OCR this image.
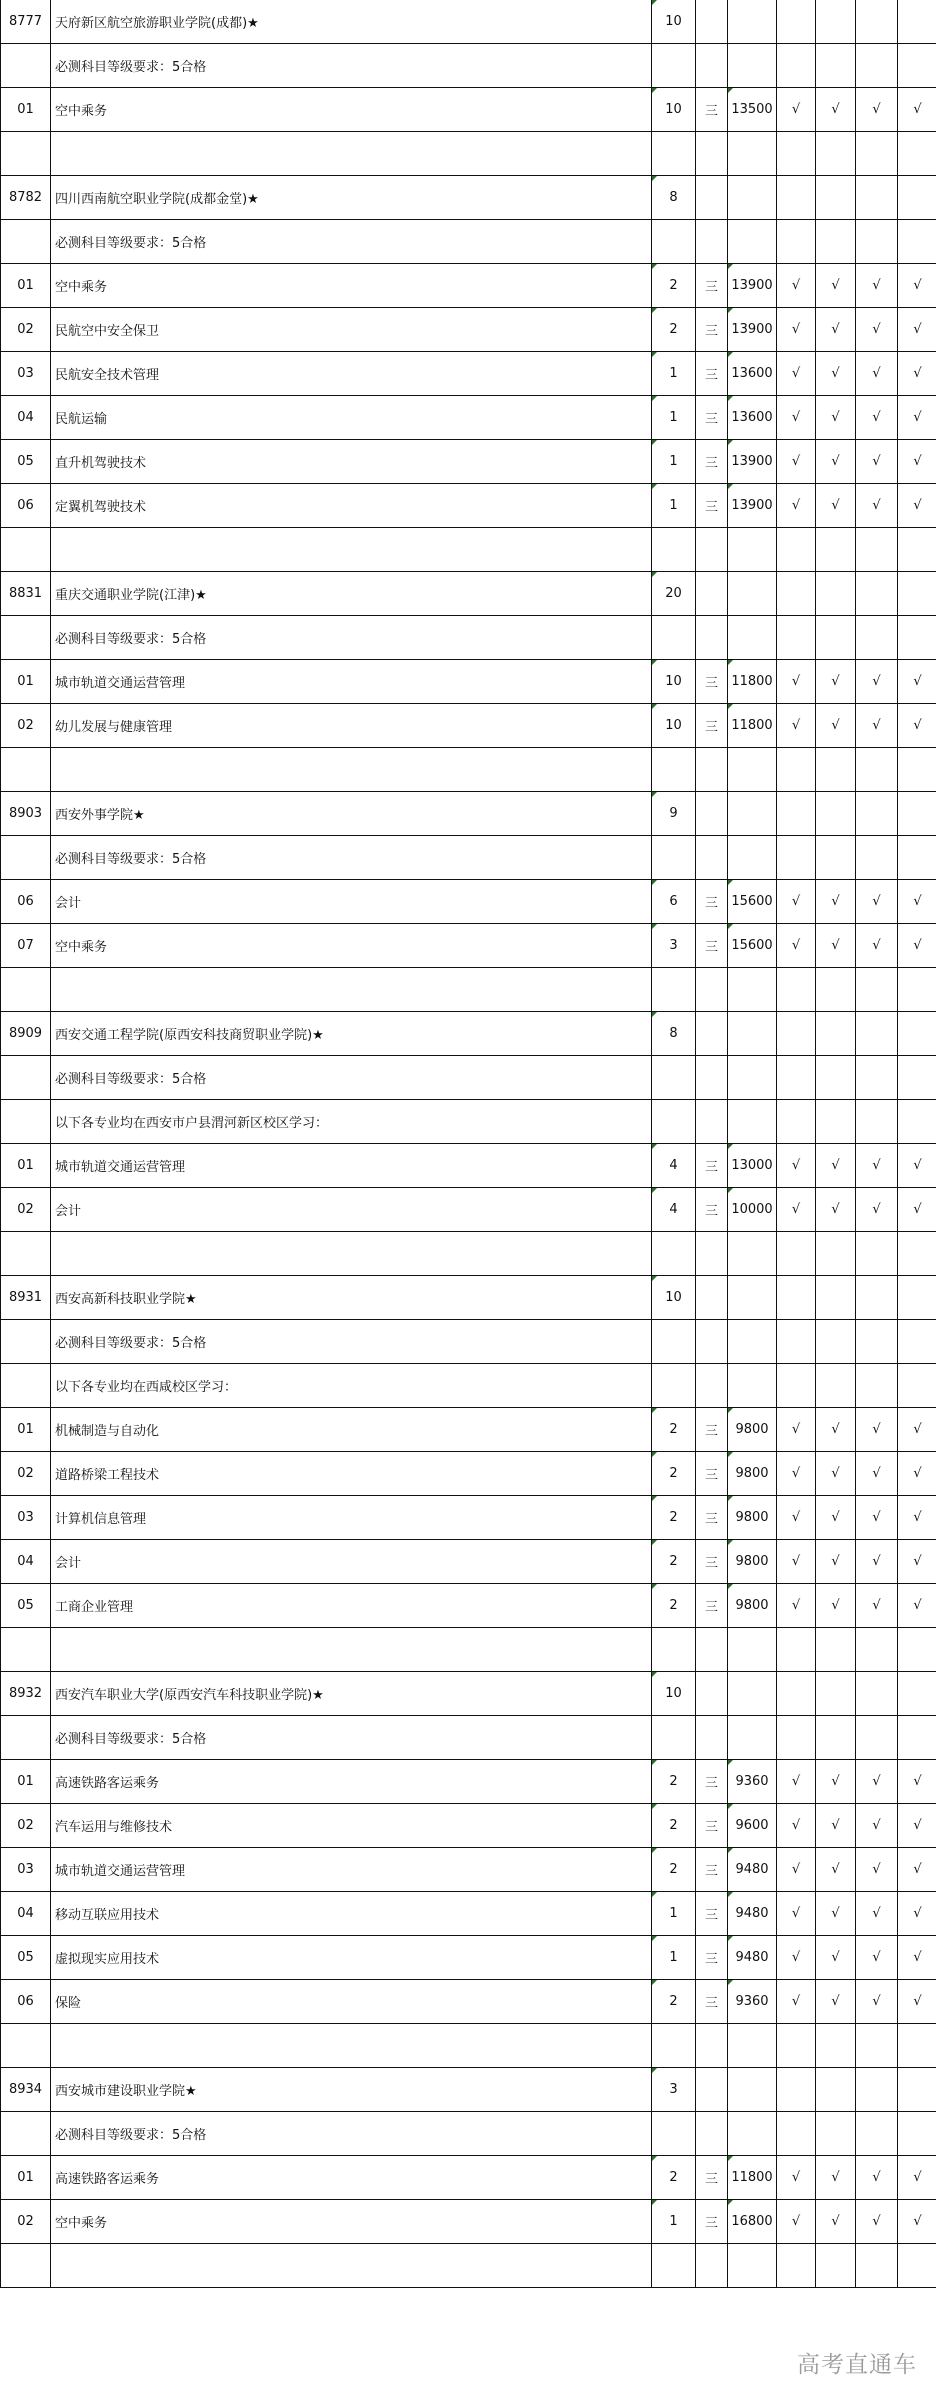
8777	天府新区航空旅游职业学院(成都)★	10						
	必测科目等级要求：5合格							
01	空中乘务	10	三	13500	√	√	√	√

8782	四川西南航空职业学院(成都金堂)★	8						
	必测科目等级要求：5合格							
01	空中乘务	2	三	13900	√	√	√	√
02	民航空中安全保卫	2	三	13900	√	√	√	√
03	民航安全技术管理	1	三	13600	√	√	√	√
04	民航运输	1	三	13600	√	√	√	√
05	直升机驾驶技术	1	三	13900	√	√	√	√
06	定翼机驾驶技术	1	三	13900	√	√	√	√

8831	重庆交通职业学院(江津)★	20						
	必测科目等级要求：5合格							
01	城市轨道交通运营管理	10	三	11800	√	√	√	√
02	幼儿发展与健康管理	10	三	11800	√	√	√	√

8903	西安外事学院★	9						
	必测科目等级要求：5合格							
06	会计	6	三	15600	√	√	√	√
07	空中乘务	3	三	15600	√	√	√	√

8909	西安交通工程学院(原西安科技商贸职业学院)★	8						
	必测科目等级要求：5合格							
	以下各专业均在西安市户县渭河新区校区学习：							
01	城市轨道交通运营管理	4	三	13000	√	√	√	√
02	会计	4	三	10000	√	√	√	√

8931	西安高新科技职业学院★	10						
	必测科目等级要求：5合格							
	以下各专业均在西咸校区学习：							
01	机械制造与自动化	2	三	9800	√	√	√	√
02	道路桥梁工程技术	2	三	9800	√	√	√	√
03	计算机信息管理	2	三	9800	√	√	√	√
04	会计	2	三	9800	√	√	√	√
05	工商企业管理	2	三	9800	√	√	√	√

8932	西安汽车职业大学(原西安汽车科技职业学院)★	10						
	必测科目等级要求：5合格							
01	高速铁路客运乘务	2	三	9360	√	√	√	√
02	汽车运用与维修技术	2	三	9600	√	√	√	√
03	城市轨道交通运营管理	2	三	9480	√	√	√	√
04	移动互联应用技术	1	三	9480	√	√	√	√
05	虚拟现实应用技术	1	三	9480	√	√	√	√
06	保险	2	三	9360	√	√	√	√

8934	西安城市建设职业学院★	3						
	必测科目等级要求：5合格							
01	高速铁路客运乘务	2	三	11800	√	√	√	√
02	空中乘务	1	三	16800	√	√	√	√

高考直通车
